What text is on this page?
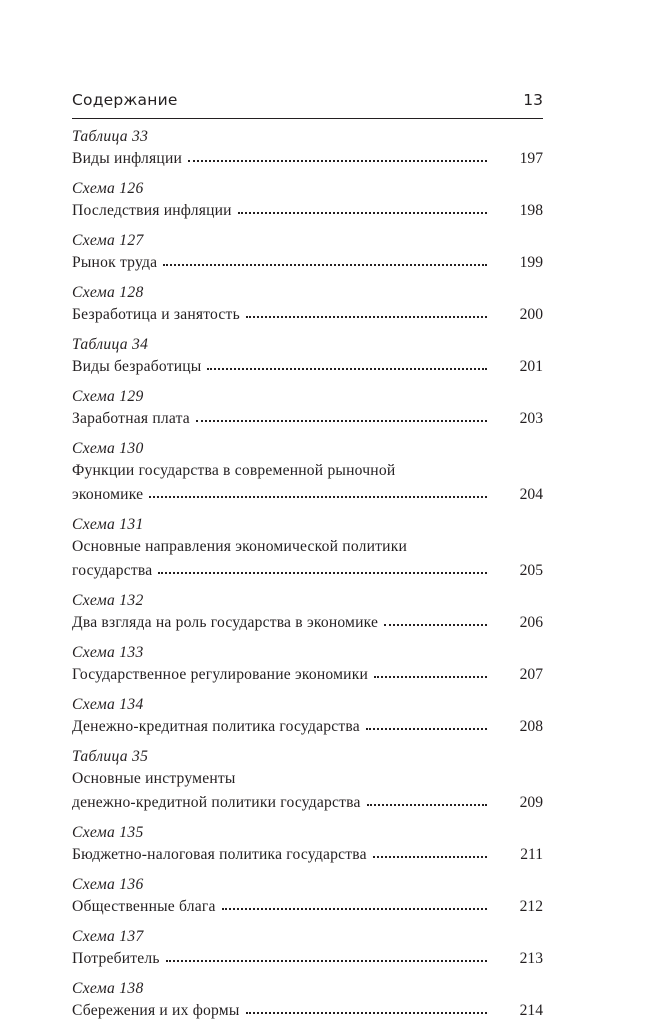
Содержание	13
Таблица 33
Виды инфляции	197
Схема 126
Последствия инфляции	198
Схема 127
Рынок труда	199
Схема 128
Безработица и занятость	200
Таблица 34
Виды безработицы	201
Схема 129
Заработная плата	203
Схема 130
Функции государства в современной рыночной
экономике	204
Схема 131
Основные направления экономической политики
государства	205
Схема 132
Два взгляда на роль государства в экономике	206
Схема 133
Государственное регулирование экономики	207
Схема 134
Денежно-кредитная политика государства	208
Таблица 35
Основные инструменты
денежно-кредитной политики государства	209
Схема 135
Бюджетно-налоговая политика государства	211
Схема 136
Общественные блага	212
Схема 137
Потребитель	213
Схема 138
Сбережения и их формы	214
